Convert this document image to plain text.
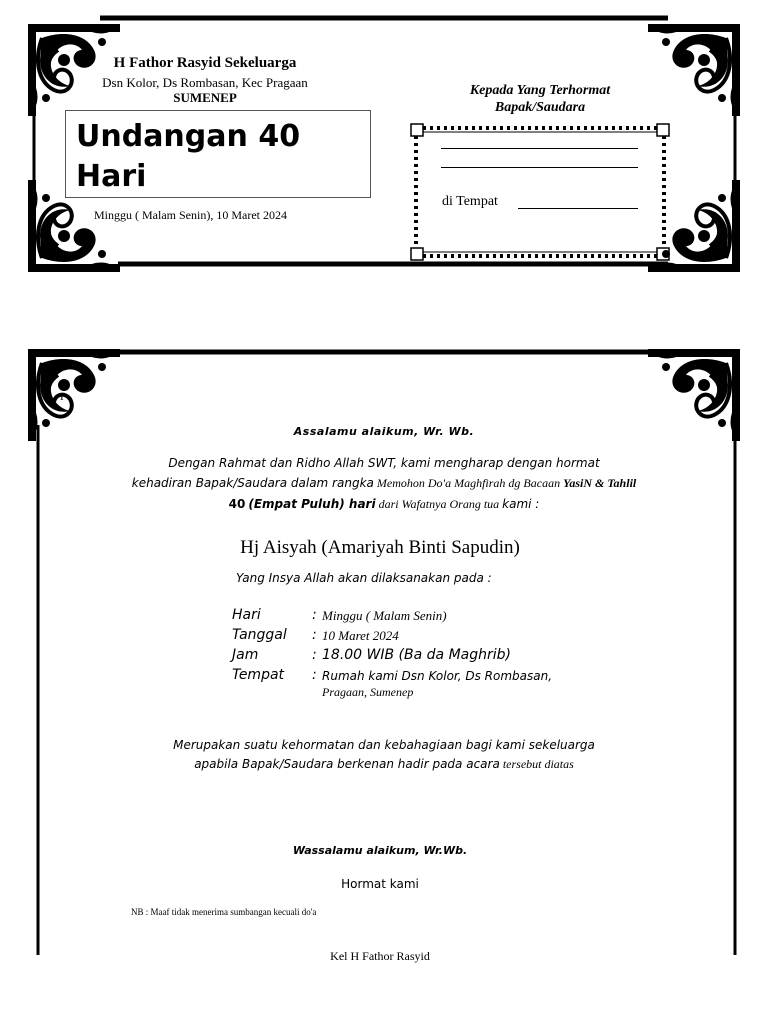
H Fathor Rasyid Sekeluarga
Dsn Kolor, Ds Rombasan, Kec Pragaan
SUMENEP
Undangan 40 Hari
Minggu ( Malam Senin), 10 Maret 2024
Kepada Yang Terhormat
Bapak/Saudara
di Tempat
I
Assalamu alaikum, Wr. Wb.
Dengan Rahmat dan Ridho Allah SWT, kami mengharap dengan hormat
kehadiran Bapak/Saudara dalam rangka Memohon Do'a Maghfirah dg Bacaan YasiN & Tahlil
40 (Empat Puluh) hari dari Wafatnya Orang tua kami :
Hj Aisyah (Amariyah Binti Sapudin)
Yang Insya Allah akan dilaksanakan pada :
Hari	: Minggu ( Malam Senin)
Tanggal : 10 Maret 2024
Jam	: 18.00 WIB (Ba da Maghrib)
Tempat : Rumah kami Dsn Kolor, Ds Rombasan,
Pragaan, Sumenep
Merupakan suatu kehormatan dan kebahagiaan bagi kami sekeluarga
apabila Bapak/Saudara berkenan hadir pada acara tersebut diatas
Wassalamu alaikum, Wr.Wb.
Hormat kami
NB : Maaf tidak menerima sumbangan kecuali do'a
Kel H Fathor Rasyid
